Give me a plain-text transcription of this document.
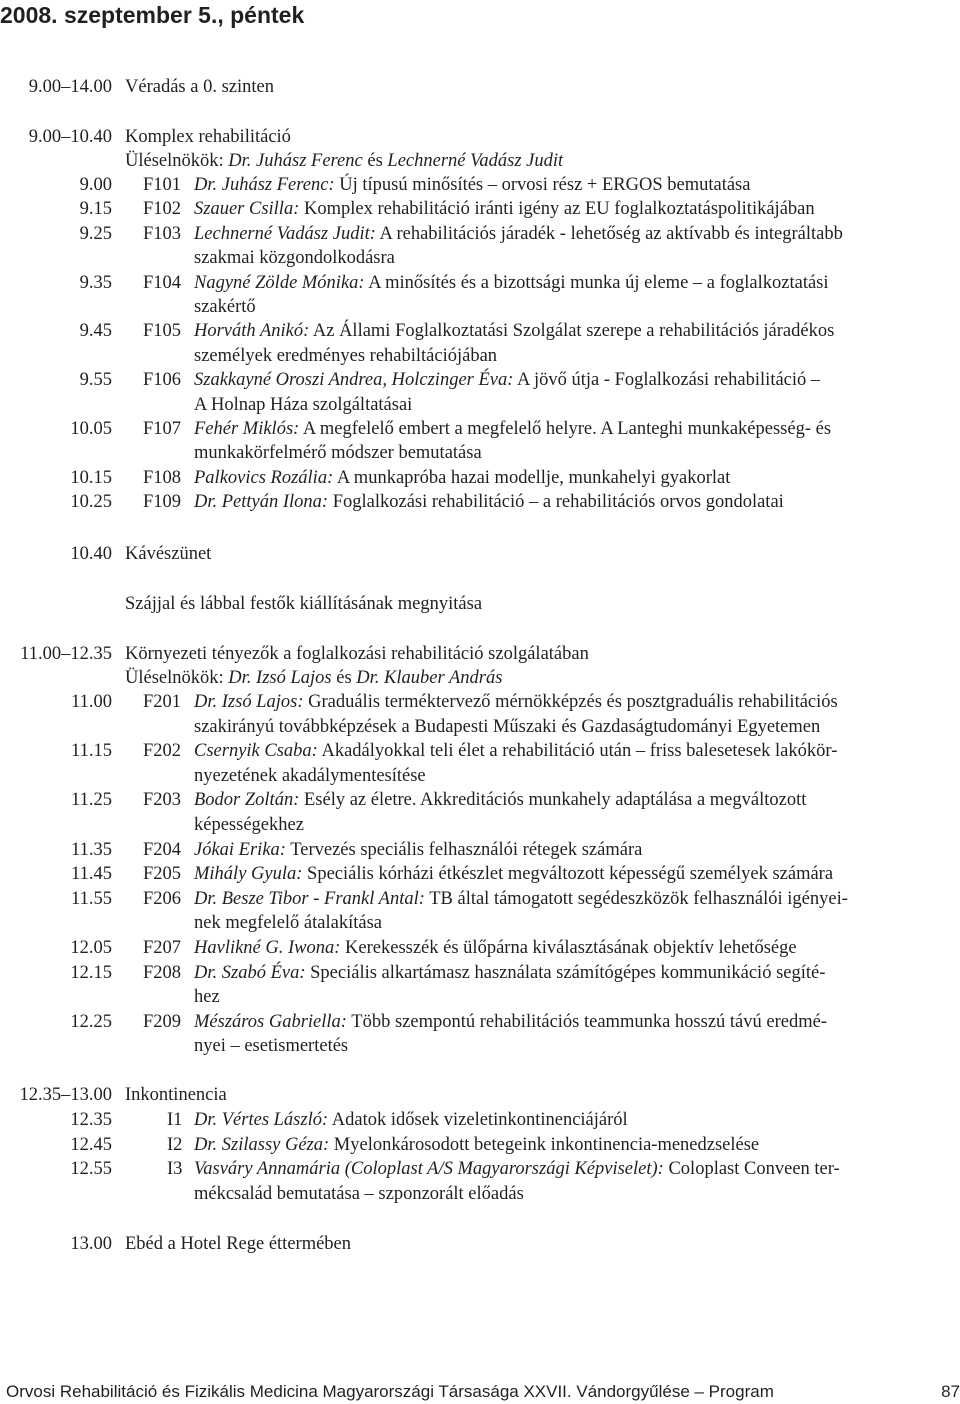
2008. szeptember 5., péntek
9.00–14.00 Véradás a 0. szinten
9.00–10.40 Komplex rehabilitáció
Üléselnökök: Dr. Juhász Ferenc és Lechnerné Vadász Judit
9.00 F101 Dr. Juhász Ferenc: Új típusú minősítés – orvosi rész + ERGOS bemutatása
9.15 F102 Szauer Csilla: Komplex rehabilitáció iránti igény az EU foglalkoztatáspolitikájában
9.25 F103 Lechnerné Vadász Judit: A rehabilitációs járadék - lehetőség az aktívabb és integráltabb
szakmai közgondolkodásra
9.35 F104 Nagyné Zölde Mónika: A minősítés és a bizottsági munka új eleme – a foglalkoztatási
szakértő
9.45 F105 Horváth Anikó: Az Állami Foglalkoztatási Szolgálat szerepe a rehabilitációs járadékos
személyek eredményes rehabiltációjában
9.55 F106 Szakkayné Oroszi Andrea, Holczinger Éva: A jövő útja - Foglalkozási rehabilitáció –
A Holnap Háza szolgáltatásai
10.05 F107 Fehér Miklós: A megfelelő embert a megfelelő helyre. A Lanteghi munkaképesség- és
munkakörfelmérő módszer bemutatása
10.15 F108 Palkovics Rozália: A munkapróba hazai modellje, munkahelyi gyakorlat
10.25 F109 Dr. Pettyán Ilona: Foglalkozási rehabilitáció – a rehabilitációs orvos gondolatai
10.40 Kávészünet
Szájjal és lábbal festők kiállításának megnyitása
11.00–12.35 Környezeti tényezők a foglalkozási rehabilitáció szolgálatában
Üléselnökök: Dr. Izsó Lajos és Dr. Klauber András
11.00 F201 Dr. Izsó Lajos: Graduális terméktervező mérnökképzés és posztgraduális rehabilitációs
szakirányú továbbképzések a Budapesti Műszaki és Gazdaságtudományi Egyetemen
11.15 F202 Csernyik Csaba: Akadályokkal teli élet a rehabilitáció után – friss balesetesek lakókör-
nyezetének akadálymentesítése
11.25 F203 Bodor Zoltán: Esély az életre. Akkreditációs munkahely adaptálása a megváltozott
képességekhez
11.35 F204 Jókai Erika: Tervezés speciális felhasználói rétegek számára
11.45 F205 Mihály Gyula: Speciális kórházi étkészlet megváltozott képességű személyek számára
11.55 F206 Dr. Besze Tibor - Frankl Antal: TB által támogatott segédeszközök felhasználói igényei-
nek megfelelő átalakítása
12.05 F207 Havlikné G. Iwona: Kerekesszék és ülőpárna kiválasztásának objektív lehetősége
12.15 F208 Dr. Szabó Éva: Speciális alkartámasz használata számítógépes kommunikáció segíté-
hez
12.25 F209 Mészáros Gabriella: Több szempontú rehabilitációs teammunka hosszú távú eredmé-
nyei – esetismertetés
12.35–13.00 Inkontinencia
12.35	I1 Dr. Vértes László: Adatok idősek vizeletinkontinenciájáról
12.45	I2 Dr. Szilassy Géza: Myelonkárosodott betegeink inkontinencia-menedzselése
12.55	I3 Vasváry Annamária (Coloplast A/S Magyarországi Képviselet): Coloplast Conveen ter-
mékcsalád bemutatása – szponzorált előadás
13.00 Ebéd a Hotel Rege éttermében
Orvosi Rehabilitáció és Fizikális Medicina Magyarországi Társasága XXVII. Vándorgyűlése – Program	87
